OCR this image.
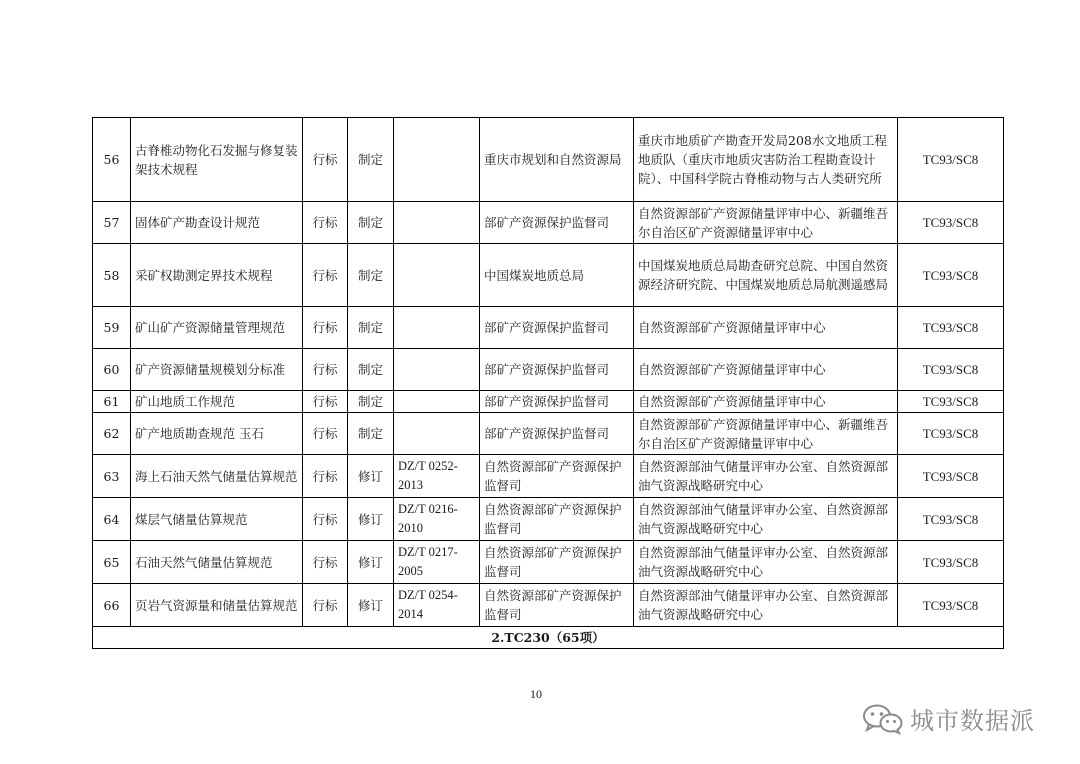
56	古脊椎动物化石发掘与修复装架技术规程	行标	制定		重庆市规划和自然资源局	重庆市地质矿产勘查开发局208水文地质工程地质队（重庆市地质灾害防治工程勘查设计院）、中国科学院古脊椎动物与古人类研究所	TC93/SC8
57	固体矿产勘查设计规范	行标	制定		部矿产资源保护监督司	自然资源部矿产资源储量评审中心、新疆维吾尔自治区矿产资源储量评审中心	TC93/SC8
58	采矿权勘测定界技术规程	行标	制定		中国煤炭地质总局	中国煤炭地质总局勘查研究总院、中国自然资源经济研究院、中国煤炭地质总局航测遥感局	TC93/SC8
59	矿山矿产资源储量管理规范	行标	制定		部矿产资源保护监督司	自然资源部矿产资源储量评审中心	TC93/SC8
60	矿产资源储量规模划分标准	行标	制定		部矿产资源保护监督司	自然资源部矿产资源储量评审中心	TC93/SC8
61	矿山地质工作规范	行标	制定		部矿产资源保护监督司	自然资源部矿产资源储量评审中心	TC93/SC8
62	矿产地质勘查规范 玉石	行标	制定		部矿产资源保护监督司	自然资源部矿产资源储量评审中心、新疆维吾尔自治区矿产资源储量评审中心	TC93/SC8
63	海上石油天然气储量估算规范	行标	修订	DZ/T 0252-2013	自然资源部矿产资源保护监督司	自然资源部油气储量评审办公室、自然资源部油气资源战略研究中心	TC93/SC8
64	煤层气储量估算规范	行标	修订	DZ/T 0216-2010	自然资源部矿产资源保护监督司	自然资源部油气储量评审办公室、自然资源部油气资源战略研究中心	TC93/SC8
65	石油天然气储量估算规范	行标	修订	DZ/T 0217-2005	自然资源部矿产资源保护监督司	自然资源部油气储量评审办公室、自然资源部油气资源战略研究中心	TC93/SC8
66	页岩气资源量和储量估算规范	行标	修订	DZ/T 0254-2014	自然资源部矿产资源保护监督司	自然资源部油气储量评审办公室、自然资源部油气资源战略研究中心	TC93/SC8
2.TC230（65项）							
10
城市数据派
